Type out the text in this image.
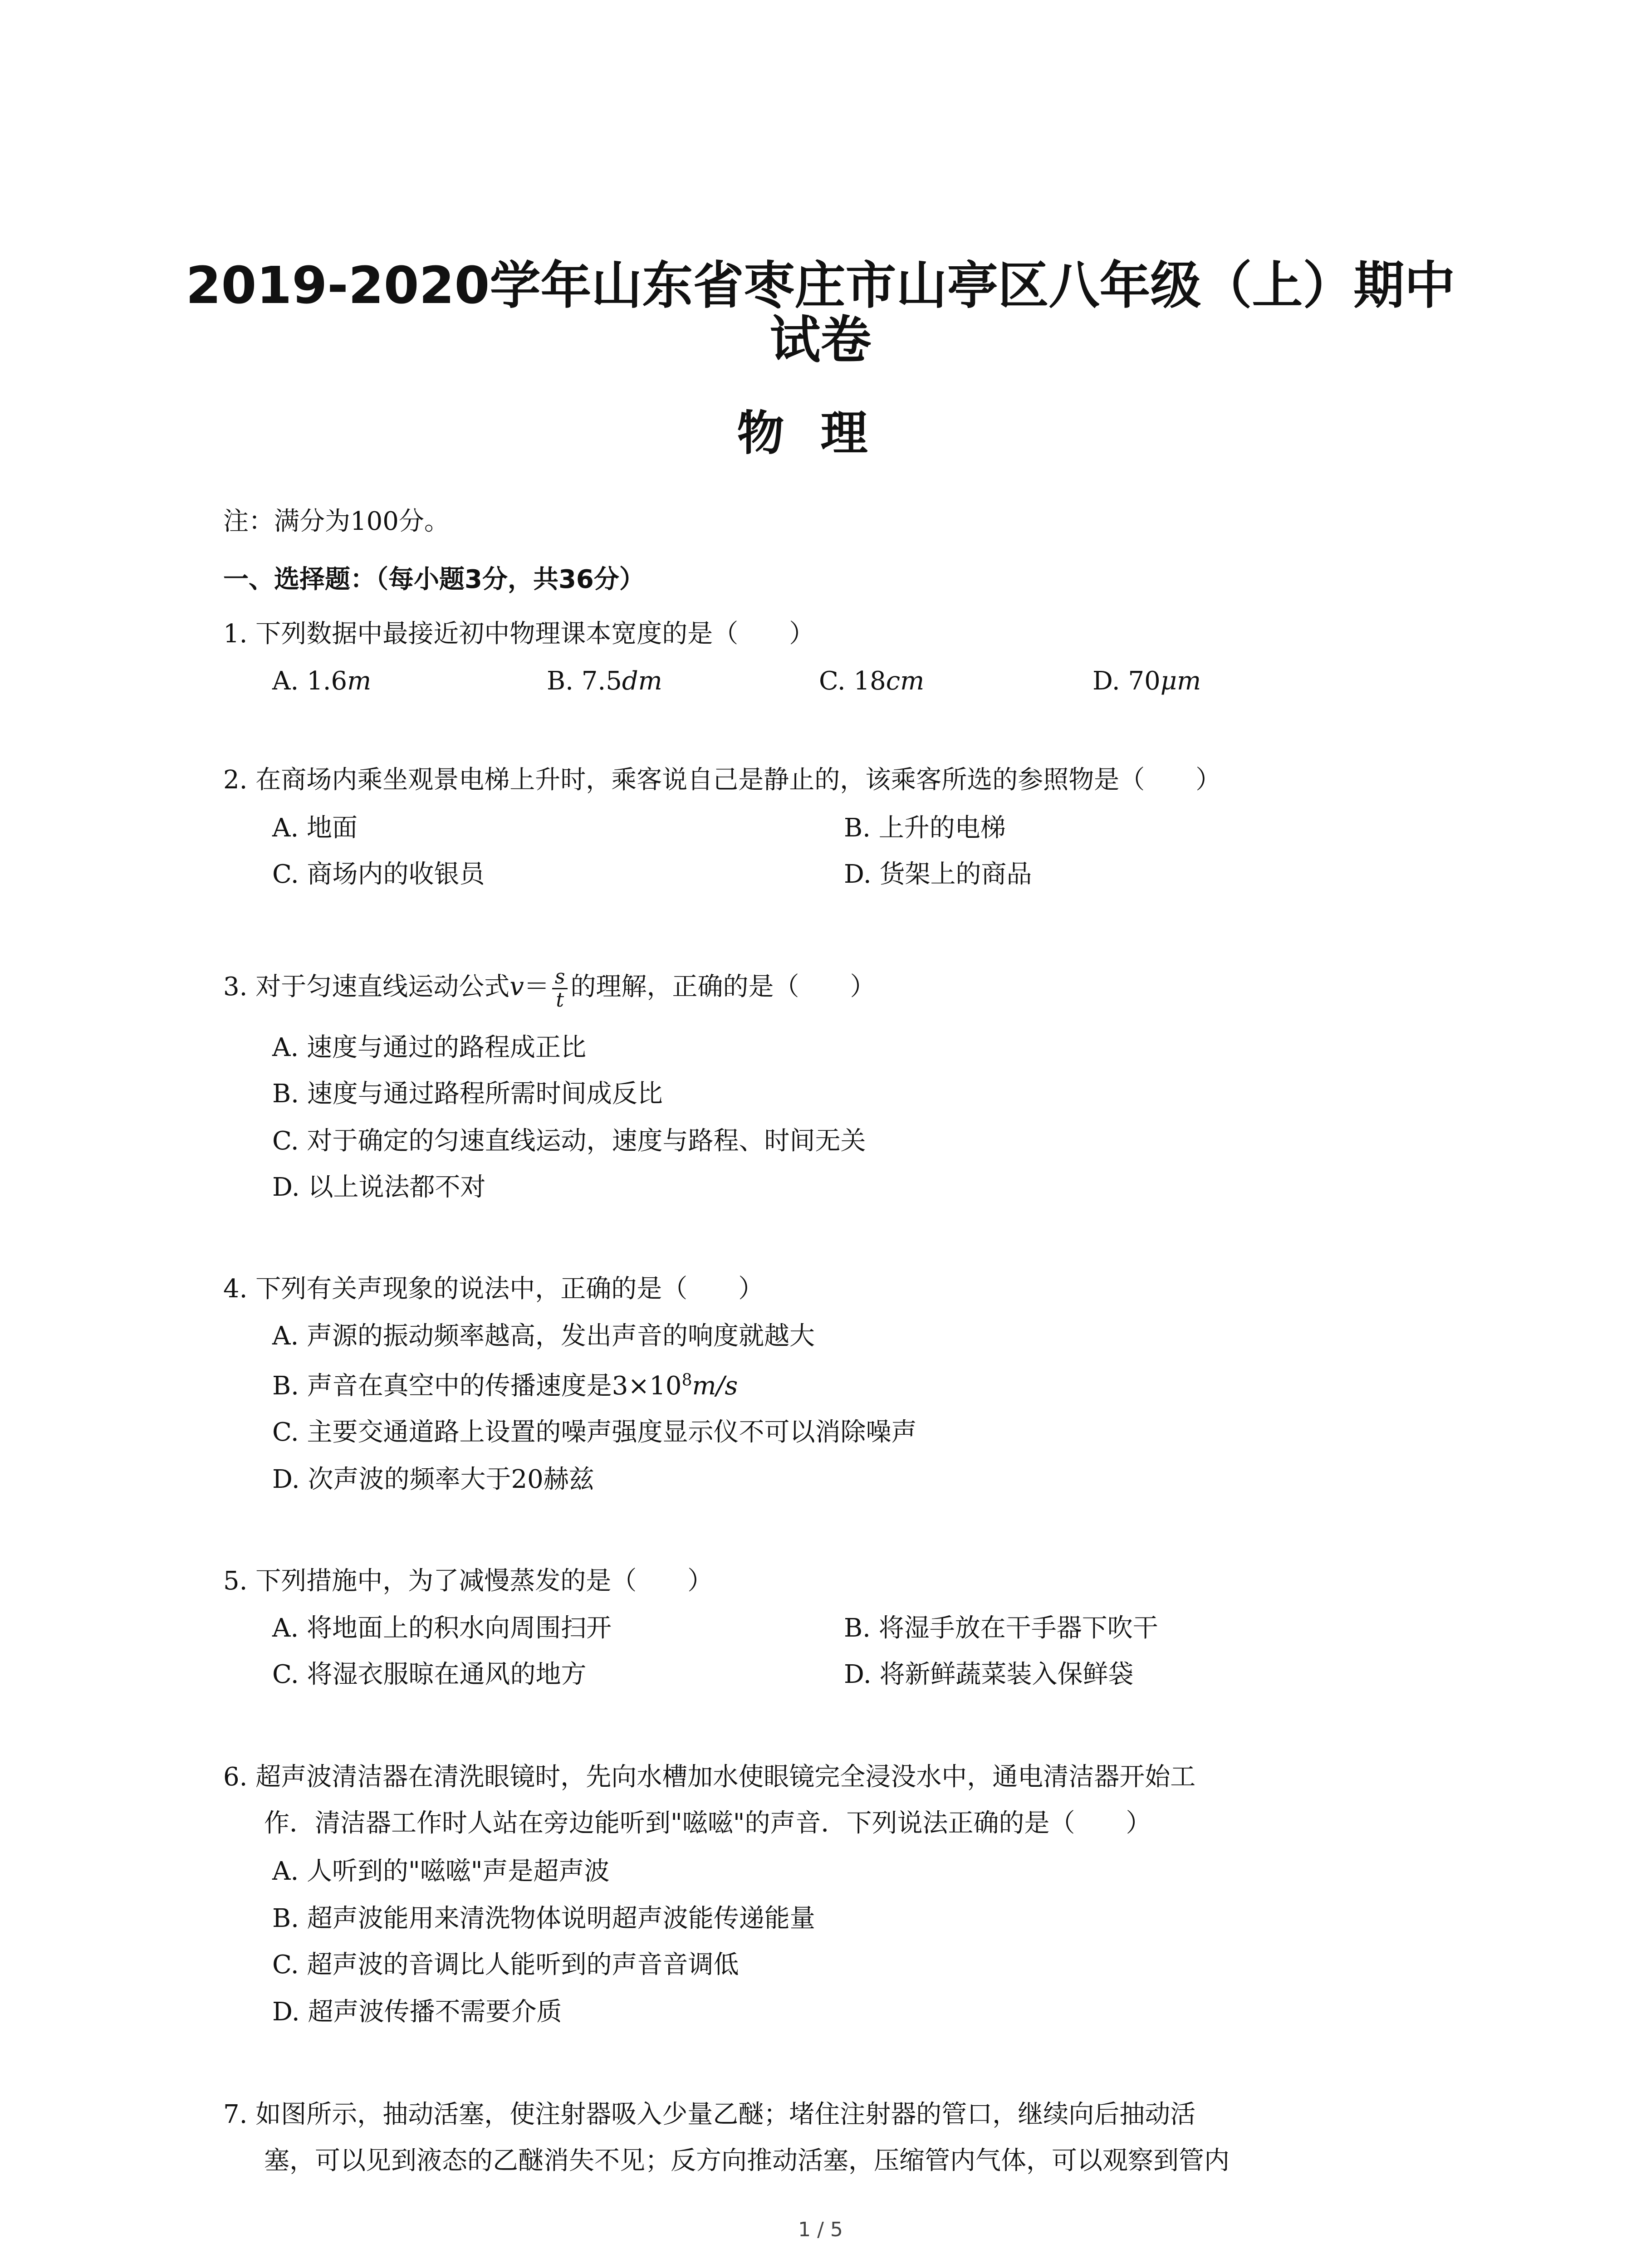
2019-2020学年山东省枣庄市山亭区八年级（上）期中
试卷
物理
注：满分为100分。
一、选择题：（每小题3分，共36分）
1. 下列数据中最接近初中物理课本宽度的是（　　）
A. 1.6m	B. 7.5dm	C. 18cm	D. 70μm
2. 在商场内乘坐观景电梯上升时，乘客说自己是静止的，该乘客所选的参照物是（　　）
A. 地面	B. 上升的电梯
C. 商场内的收银员	D. 货架上的商品
3. 对于匀速直线运动公式$v= \frac{s}{t}$ 的理解，正确的是（　　）
A. 速度与通过的路程成正比
B. 速度与通过路程所需时间成反比
C. 对于确定的匀速直线运动，速度与路程、时间无关
D. 以上说法都不对
4. 下列有关声现象的说法中，正确的是（　　）
A. 声源的振动频率越高，发出声音的响度就越大
B. 声音在真空中的传播速度是$3\times 10^8m/s$
C. 主要交通道路上设置的噪声强度显示仪不可以消除噪声
D. 次声波的频率大于20赫兹
5. 下列措施中，为了减慢蒸发的是（　　）
A. 将地面上的积水向周围扫开	B. 将湿手放在干手器下吹干
C. 将湿衣服晾在通风的地方	D. 将新鲜蔬菜装入保鲜袋
6. 超声波清洁器在清洗眼镜时，先向水槽加水使眼镜完全浸没水中，通电清洁器开始工
作．清洁器工作时人站在旁边能听到"嗞嗞"的声音．下列说法正确的是（　　）
A. 人听到的"嗞嗞"声是超声波
B. 超声波能用来清洗物体说明超声波能传递能量
C. 超声波的音调比人能听到的声音音调低
D. 超声波传播不需要介质
7. 如图所示，抽动活塞，使注射器吸入少量乙醚；堵住注射器的管口，继续向后抽动活
塞，可以见到液态的乙醚消失不见；反方向推动活塞，压缩管内气体，可以观察到管内
1 / 5
